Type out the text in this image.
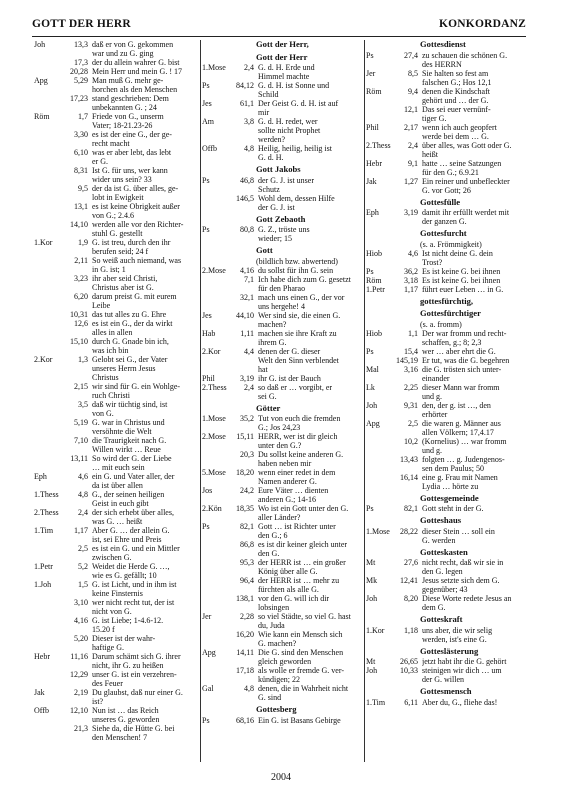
GOTT DER HERR	KONKORDANZ
Joh	13,3 daß er von G. gekommen
war und zu G. ging
17,3 der du allein wahrer G. bist
20,28 Mein Herr und mein G. ! 17
Apg	5,29 Man muß G. mehr ge-
horchen als den Menschen
17,23 stand geschrieben: Dem
unbekannten G. ; 24
Röm	1,7 Friede von G., unserm
Vater; 18-21.23-26
3,30 es ist der eine G., der ge-
recht macht
6,10 was er aber lebt, das lebt
er G.
8,31 Ist G. für uns, wer kann
wider uns sein? 33
9,5 der da ist G. über alles, ge-
lobt in Ewigkeit
13,1 es ist keine Obrigkeit außer
von G.; 2.4.6
14,10 werden alle vor den Richter-
stuhl G. gestellt
1.Kor	1,9 G. ist treu, durch den ihr
berufen seid; 24 f
2,11 So weiß auch niemand, was
in G. ist; 1
3,23 ihr aber seid Christi,
Christus aber ist G.
6,20 darum preist G. mit eurem
Leibe
10,31 das tut alles zu G. Ehre
12,6 es ist ein G., der da wirkt
alles in allen
15,10 durch G. Gnade bin ich,
was ich bin
2.Kor	1,3 Gelobt sei G., der Vater
unseres Herrn Jesus
Christus
2,15 wir sind für G. ein Wohlge-
ruch Christi
3,5 daß wir tüchtig sind, ist
von G.
5,19 G. war in Christus und
versöhnte die Welt
7,10 die Traurigkeit nach G.
Willen wirkt … Reue
13,11 So wird der G. der Liebe
… mit euch sein
Eph	4,6 ein G. und Vater aller, der
da ist über allen
1.Thess	4,8 G., der seinen heiligen
Geist in euch gibt
2.Thess	2,4 der sich erhebt über alles,
was G. … heißt
1.Tim	1,17 Aber G. … der allein G.
ist, sei Ehre und Preis
2,5 es ist ein G. und ein Mittler
zwischen G.
1.Petr	5,2 Weidet die Herde G. …,
wie es G. gefällt; 10
1.Joh	1,5 G. ist Licht, und in ihm ist
keine Finsternis
3,10 wer nicht recht tut, der ist
nicht von G.
4,16 G. ist Liebe; 1-4.6-12.
15.20 f
5,20 Dieser ist der wahr-
haftige G.
Hebr	11,16 Darum schämt sich G. ihrer
nicht, ihr G. zu heißen
12,29 unser G. ist ein verzehren-
des Feuer
Jak	2,19 Du glaubst, daß nur einer G.
ist?
Offb	12,10 Nun ist … das Reich
unseres G. geworden
21,3 Siehe da, die Hütte G. bei
den Menschen! 7
Gott der Herr,
Gott der Herr
1.Mose	2,4 G. d. H. Erde und
Himmel machte
Ps	84,12 G. d. H. ist Sonne und
Schild
Jes	61,1 Der Geist G. d. H. ist auf
mir
Am	3,8 G. d. H. redet, wer
sollte nicht Prophet
werden?
Offb	4,8 Heilig, heilig, heilig ist
G. d. H.
Gott Jakobs
Ps	46,8 der G. J. ist unser
Schutz
146,5 Wohl dem, dessen Hilfe
der G. J. ist
Gott Zebaoth
Ps	80,8 G. Z., tröste uns
wieder; 15
Gott
(bildlich bzw. abwertend)
2.Mose	4,16 du sollst für ihn G. sein
7,1 Ich habe dich zum G. gesetzt
für den Pharao
32,1 mach uns einen G., der vor
uns hergehe! 4
Jes	44,10 Wer sind sie, die einen G.
machen?
Hab	1,11 machen sie ihre Kraft zu
ihrem G.
2.Kor	4,4 denen der G. dieser
Welt den Sinn verblendet
hat
Phil	3,19 ihr G. ist der Bauch
2.Thess	2,4 so daß er … vorgibt, er
sei G.
Götter
1.Mose	35,2 Tut von euch die fremden
G.; Jos 24,23
2.Mose	15,11 HERR, wer ist dir gleich
unter den G.?
20,3 Du sollst keine anderen G.
haben neben mir
5.Mose	18,20 wenn einer redet in dem
Namen anderer G.
Jos	24,2 Eure Väter … dienten
anderen G.; 14-16
2.Kön	18,35 Wo ist ein Gott unter den G.
aller Länder?
Ps	82,1 Gott … ist Richter unter
den G.; 6
86,8 es ist dir keiner gleich unter
den G.
95,3 der HERR ist … ein großer
König über alle G.
96,4 der HERR ist … mehr zu
fürchten als alle G.
138,1 vor den G. will ich dir
lobsingen
Jer	2,28 so viel Städte, so viel G. hast
du, Juda
16,20 Wie kann ein Mensch sich
G. machen?
Apg	14,11 Die G. sind den Menschen
gleich geworden
17,18 als wolle er fremde G. ver-
kündigen; 22
Gal	4,8 denen, die in Wahrheit nicht
G. sind
Gottesberg
Ps	68,16 Ein G. ist Basans Gebirge
Gottesdienst
Ps	27,4 zu schauen die schönen G.
des HERRN
Jer	8,5 Sie halten so fest am
falschen G.; Hos 12,1
Röm	9,4 denen die Kindschaft
gehört und … der G.
12,1 Das sei euer vernünf-
tiger G.
Phil	2,17 wenn ich auch geopfert
werde bei dem … G.
2.Thess	2,4 über alles, was Gott oder G.
heißt
Hebr	9,1 hatte … seine Satzungen
für den G.; 6.9.21
Jak	1,27 Ein reiner und unbefleckter
G. vor Gott; 26
Gottesfülle
Eph	3,19 damit ihr erfüllt werdet mit
der ganzen G.
Gottesfurcht
(s. a. Frömmigkeit)
Hiob	4,6 Ist nicht deine G. dein
Trost?
Ps	36,2 Es ist keine G. bei ihnen
Röm	3,18 Es ist keine G. bei ihnen
1.Petr	1,17 führt euer Leben … in G.
gottesfürchtig,
Gottesfürchtiger
(s. a. fromm)
Hiob	1,1 Der war fromm und recht-
schaffen, g.; 8; 2,3
Ps	15,4 wer … aber ehrt die G.
145,19 Er tut, was die G. begehren
Mal	3,16 die G. trösten sich unter-
einander
Lk	2,25 dieser Mann war fromm
und g.
Joh	9,31 den, der g. ist …, den
erhörter
Apg	2,5 die waren g. Männer aus
allen Völkern; 17,4.17
10,2 (Kornelius) … war fromm
und g.
13,43 folgten … g. Judengenos-
sen dem Paulus; 50
16,14 eine g. Frau mit Namen
Lydia … hörte zu
Gottesgemeinde
Ps	82,1 Gott steht in der G.
Gotteshaus
1.Mose	28,22 dieser Stein … soll ein
G. werden
Gotteskasten
Mt	27,6 nicht recht, daß wir sie in
den G. legen
Mk	12,41 Jesus setzte sich dem G.
gegenüber; 43
Joh	8,20 Diese Worte redete Jesus an
dem G.
Gotteskraft
1.Kor	1,18 uns aber, die wir selig
werden, ist's eine G.
Gotteslästerung
Mt	26,65 jetzt habt ihr die G. gehört
Joh	10,33 steinigen wir dich … um
der G. willen
Gottesmensch
1.Tim	6,11 Aber du, G., fliehe das!
2004
